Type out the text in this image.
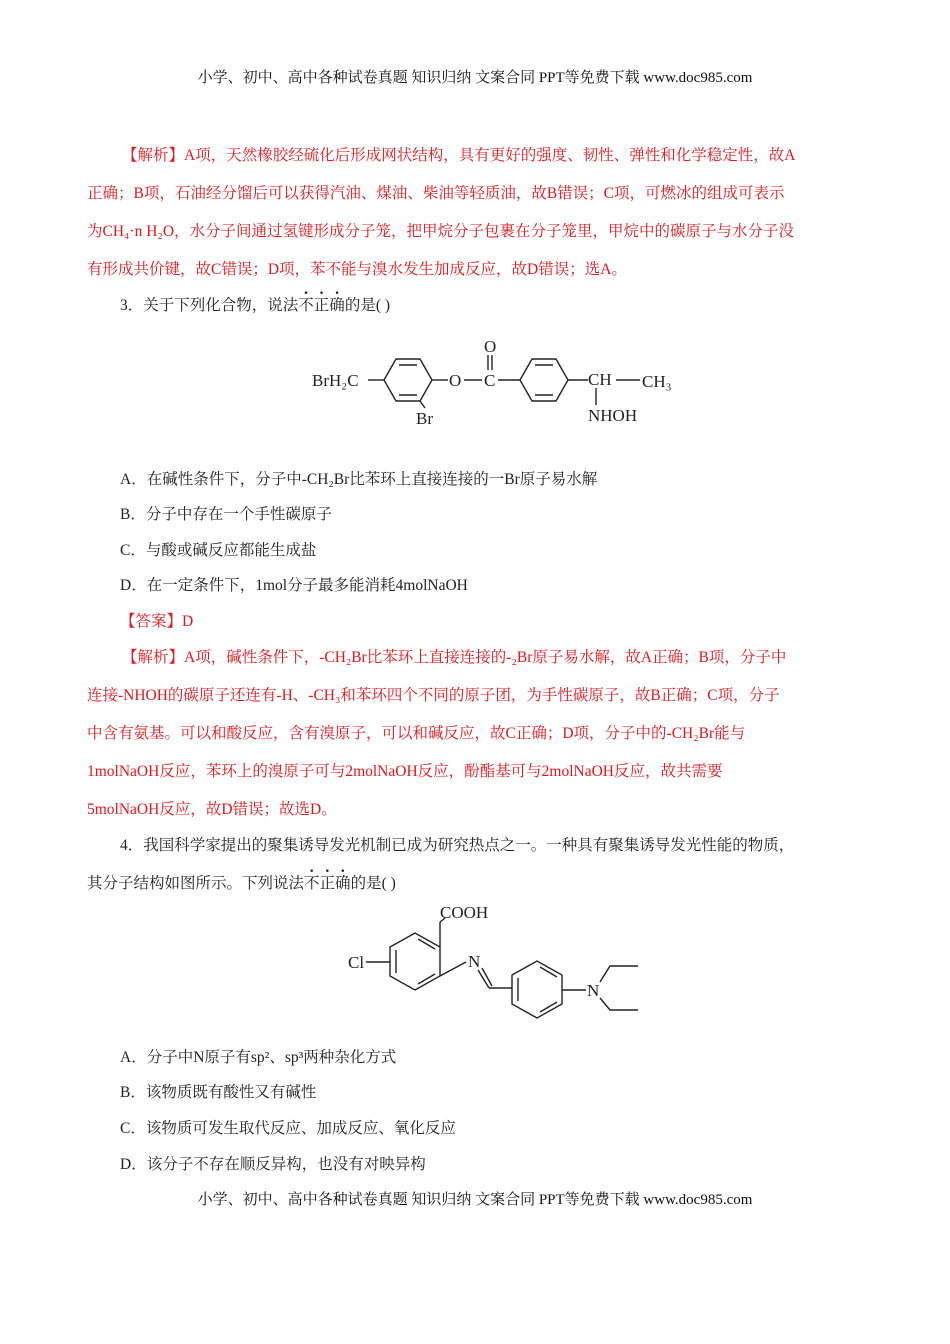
小学、初中、高中各种试卷真题 知识归纳 文案合同 PPT等免费下载 www.doc985.com
【解析】A项，天然橡胶经硫化后形成网状结构，具有更好的强度、韧性、弹性和化学稳定性，故A
正确；B项，石油经分馏后可以获得汽油、煤油、柴油等轻质油，故B错误；C项，可燃冰的组成可表示
为CH₄·n H₂O，水分子间通过氢键形成分子笼，把甲烷分子包裹在分子笼里，甲烷中的碳原子与水分子没
有形成共价键，故C错误；D项，苯不能与溴水发生加成反应，故D错误；选A。
3．关于下列化合物，说法不正确的是( )
BrH₂C
Br
O C
O
CH CH₃
NHOH
Cl
COOH
N
N
A．在碱性条件下，分子中-CH₂Br比苯环上直接连接的一Br原子易水解
B．分子中存在一个手性碳原子
C．与酸或碱反应都能生成盐
D．在一定条件下，1mol分子最多能消耗4molNaOH
【答案】D
【解析】A项，碱性条件下，-CH₂Br比苯环上直接连接的-₂Br原子易水解，故A正确；B项，分子中
连接-NHOH的碳原子还连有-H、-CH₃和苯环四个不同的原子团，为手性碳原子，故B正确；C项，分子
中含有氨基。可以和酸反应，含有溴原子，可以和碱反应，故C正确；D项，分子中的-CH₂Br能与
1molNaOH反应，苯环上的溴原子可与2molNaOH反应，酚酯基可与2molNaOH反应，故共需要
5molNaOH反应，故D错误；故选D。
4．我国科学家提出的聚集诱导发光机制已成为研究热点之一。一种具有聚集诱导发光性能的物质，
其分子结构如图所示。下列说法不正确的是( )
A．分子中N原子有sp²、sp³两种杂化方式
B．该物质既有酸性又有碱性
C．该物质可发生取代反应、加成反应、氧化反应
D．该分子不存在顺反异构，也没有对映异构
小学、初中、高中各种试卷真题 知识归纳 文案合同 PPT等免费下载 www.doc985.com
